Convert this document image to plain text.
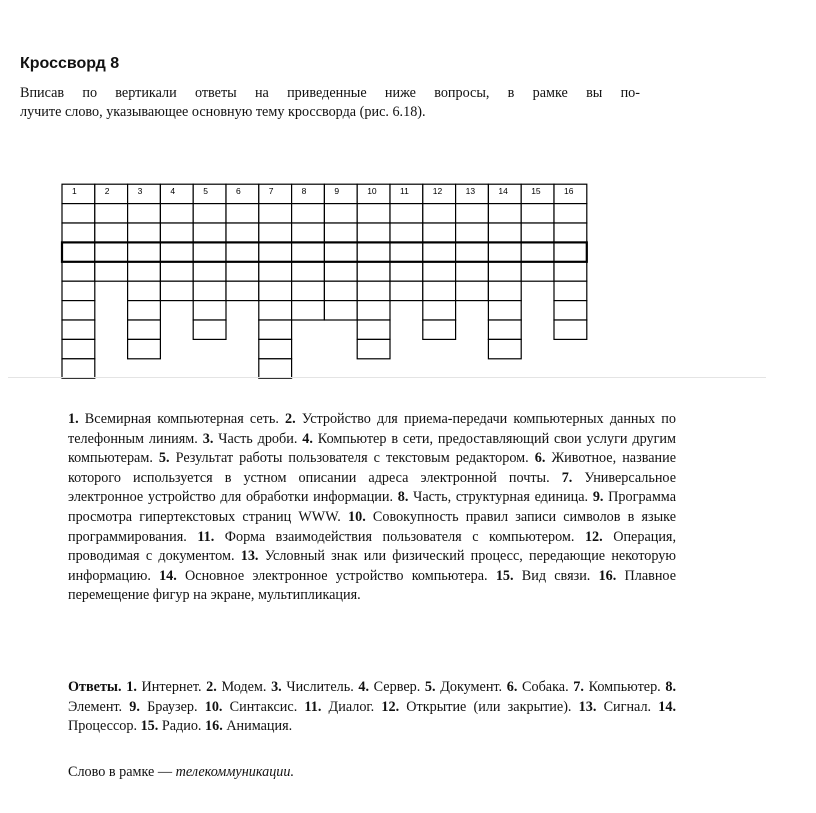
Кроссворд 8
Вписав по вертикали ответы на приведенные ниже вопросы, в рамке вы по-
лучите слово, указывающее основную тему кроссворда (рис. 6.18).
1	2	3	4	5	6	7	8	9	10	11	12	13	14	15	16
1. Всемирная компьютерная сеть. 2. Устройство для приема-передачи компьютерных данных по телефонным линиям. 3. Часть дроби. 4. Компьютер в сети, предоставляющий свои услуги другим компьютерам. 5. Результат работы пользователя с текстовым редактором. 6. Животное, название которого используется в устном описании адреса электронной почты. 7. Универсальное электронное устройство для обработки информации. 8. Часть, структурная единица. 9. Программа просмотра гипертекстовых страниц WWW. 10. Совокупность правил записи символов в языке программирования. 11. Форма взаимодействия пользователя с компьютером. 12. Операция, проводимая с документом. 13. Условный знак или физический процесс, передающие некоторую информацию. 14. Основное электронное устройство компьютера. 15. Вид связи. 16. Плавное перемещение фигур на экране, мультипликация.
Ответы. 1. Интернет. 2. Модем. 3. Числитель. 4. Сервер. 5. Документ. 6. Собака. 7. Компьютер. 8. Элемент. 9. Браузер. 10. Синтаксис. 11. Диалог. 12. Открытие (или закрытие). 13. Сигнал. 14. Процессор. 15. Радио. 16. Анимация.
Слово в рамке — телекоммуникации.
